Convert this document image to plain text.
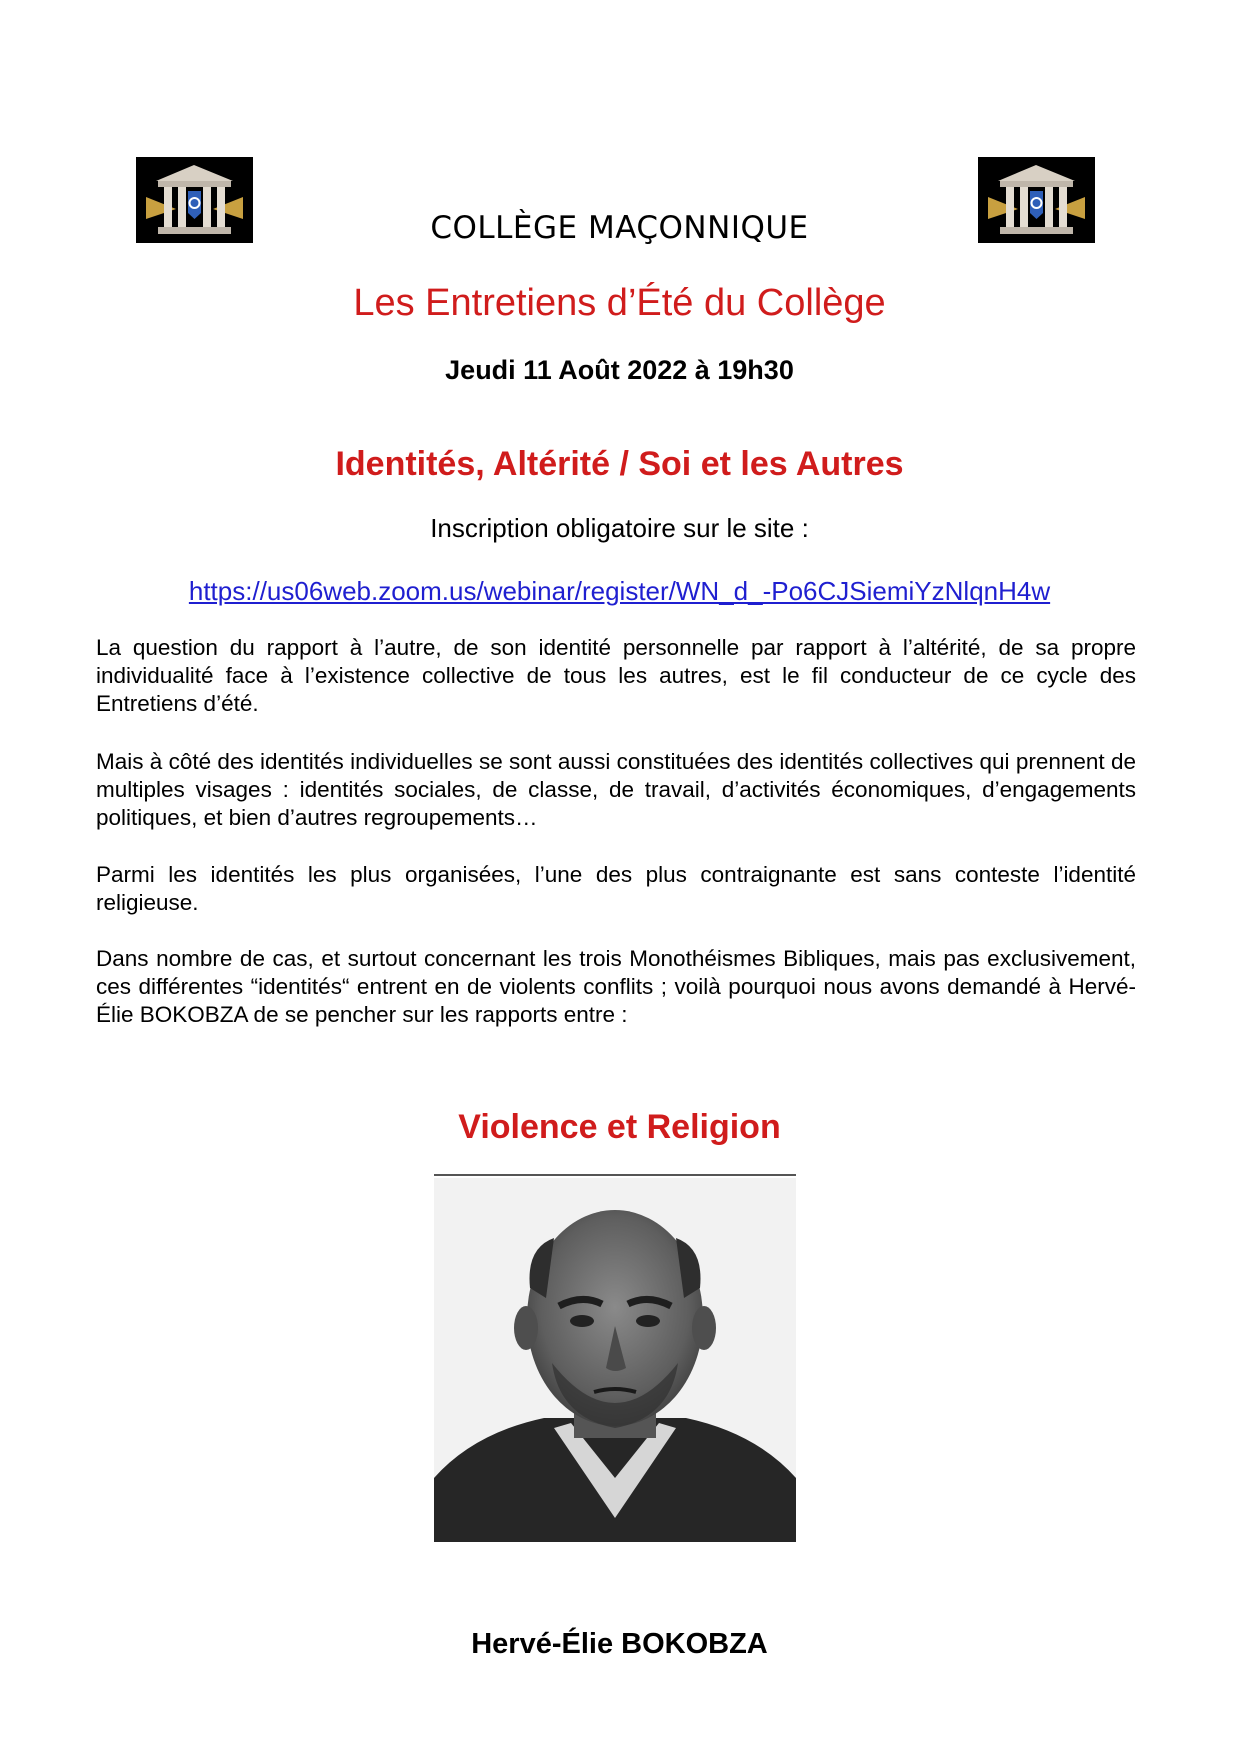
COLLÈGE MAÇONNIQUE
Les Entretiens d’Été du Collège
Jeudi 11 Août 2022 à 19h30
Identités, Altérité / Soi et les Autres
Inscription obligatoire sur le site :
https://us06web.zoom.us/webinar/register/WN_d_-Po6CJSiemiYzNlqnH4w

La question du rapport à l’autre, de son identité personnelle par rapport à l’altérité, de sa propre individualité face à l’existence collective de tous les autres, est le fil conducteur de ce cycle des Entretiens d’été.

Mais à côté des identités individuelles se sont aussi constituées des identités collectives qui prennent de multiples visages : identités sociales, de classe, de travail, d’activités économiques, d’engagements politiques, et bien d’autres regroupements…

Parmi les identités les plus organisées, l’une des plus contraignante est sans conteste l’identité religieuse.

Dans nombre de cas, et surtout concernant les trois Monothéismes Bibliques, mais pas exclusivement, ces différentes “identités“ entrent en de violents conflits ; voilà pourquoi nous avons demandé à Hervé-Élie BOKOBZA de se pencher sur les rapports entre :

Violence et Religion
Hervé-Élie BOKOBZA
